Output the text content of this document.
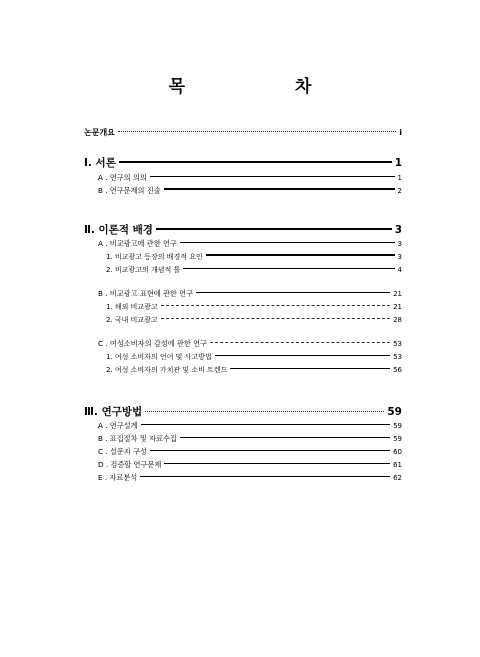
목 차
논문개요	i
Ⅰ. 서론	1
A . 연구의 의의	1
B . 연구문제의 진술	2
Ⅱ. 이론적 배경	3
A . 비교광고에 관한 연구	3
1. 비교광고 등장의 배경적 요인	3
2. 비교광고의 개념적 틀	4
B . 비교광고 표현에 관한 연구	21
1. 해외 비교광고	21
2. 국내 비교광고	28
C . 여성소비자의 감성에 관한 연구	53
1. 여성 소비자의 언어 및 사고방법	53
2. 여성 소비자의 가치관 및 소비 트렌드	56
Ⅲ. 연구방법	59
A . 연구설계	59
B . 표집절차 및 자료수집	59
C . 설문지 구성	60
D . 검증할 연구문제	61
E . 자료분석	62
